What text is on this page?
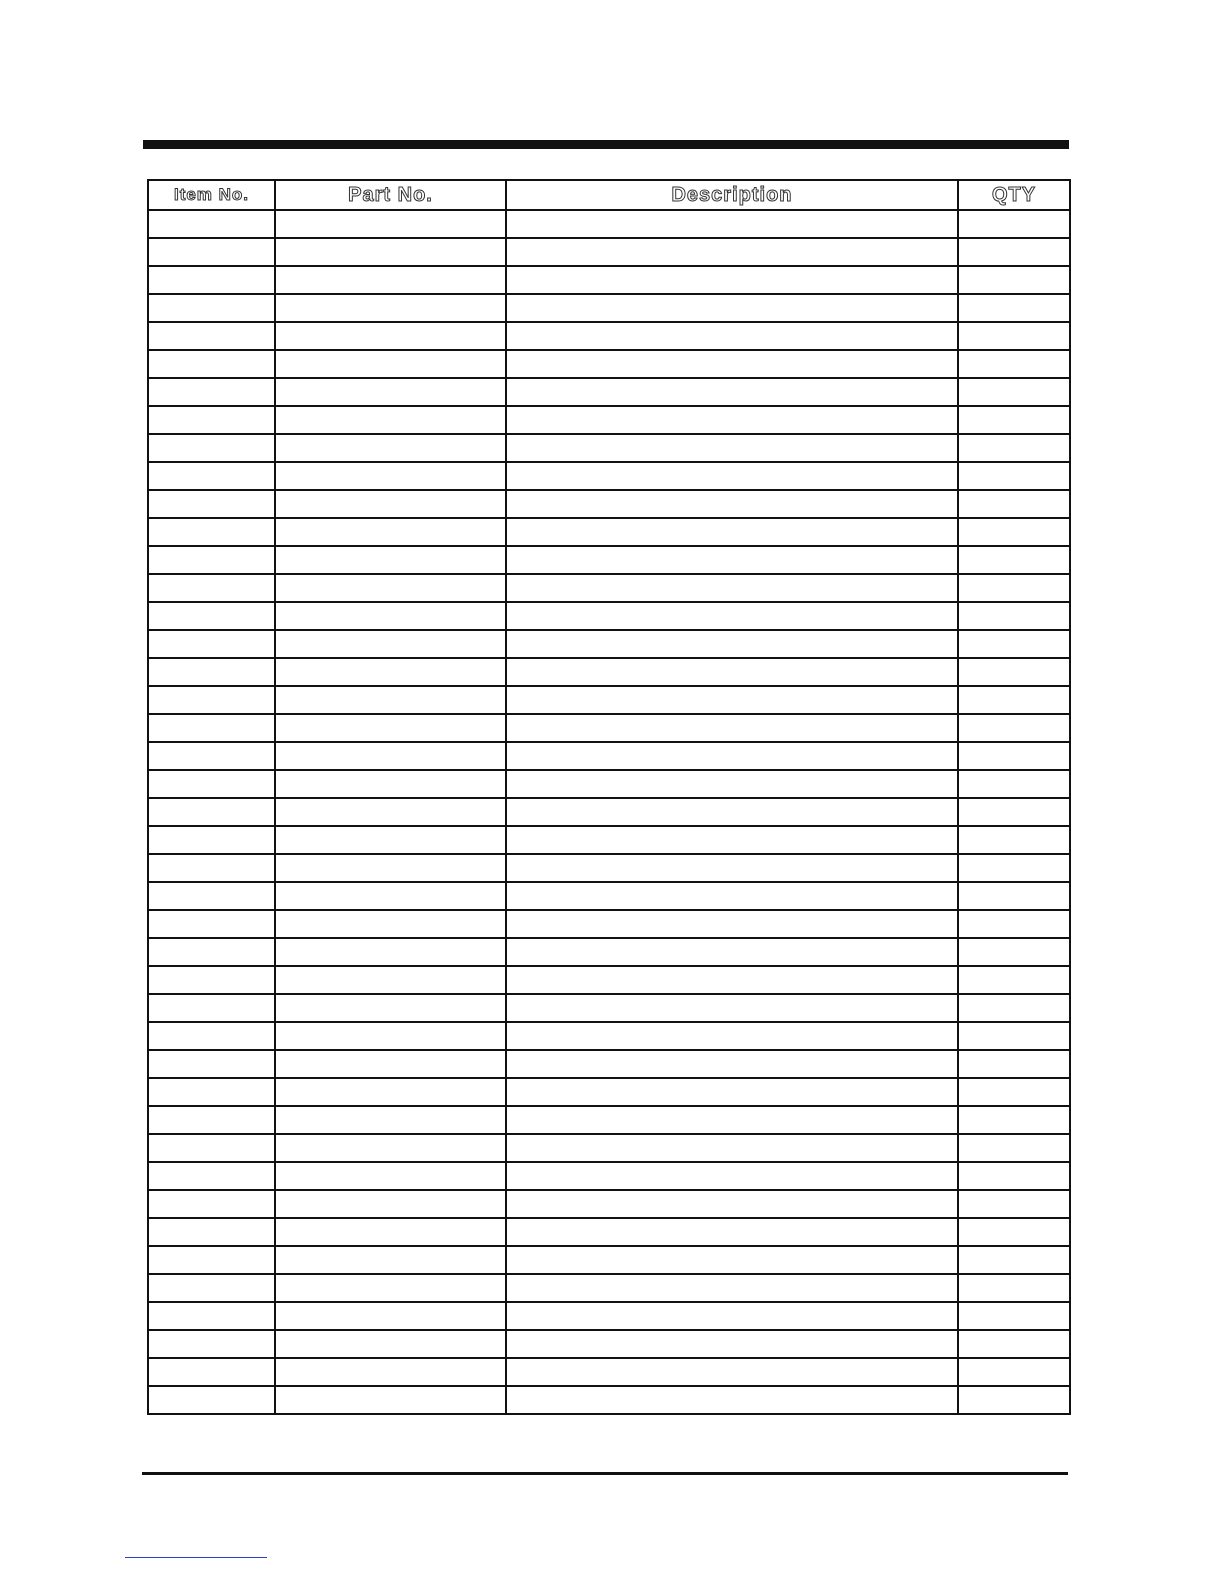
Item No.	Part No.	Description	QTY
